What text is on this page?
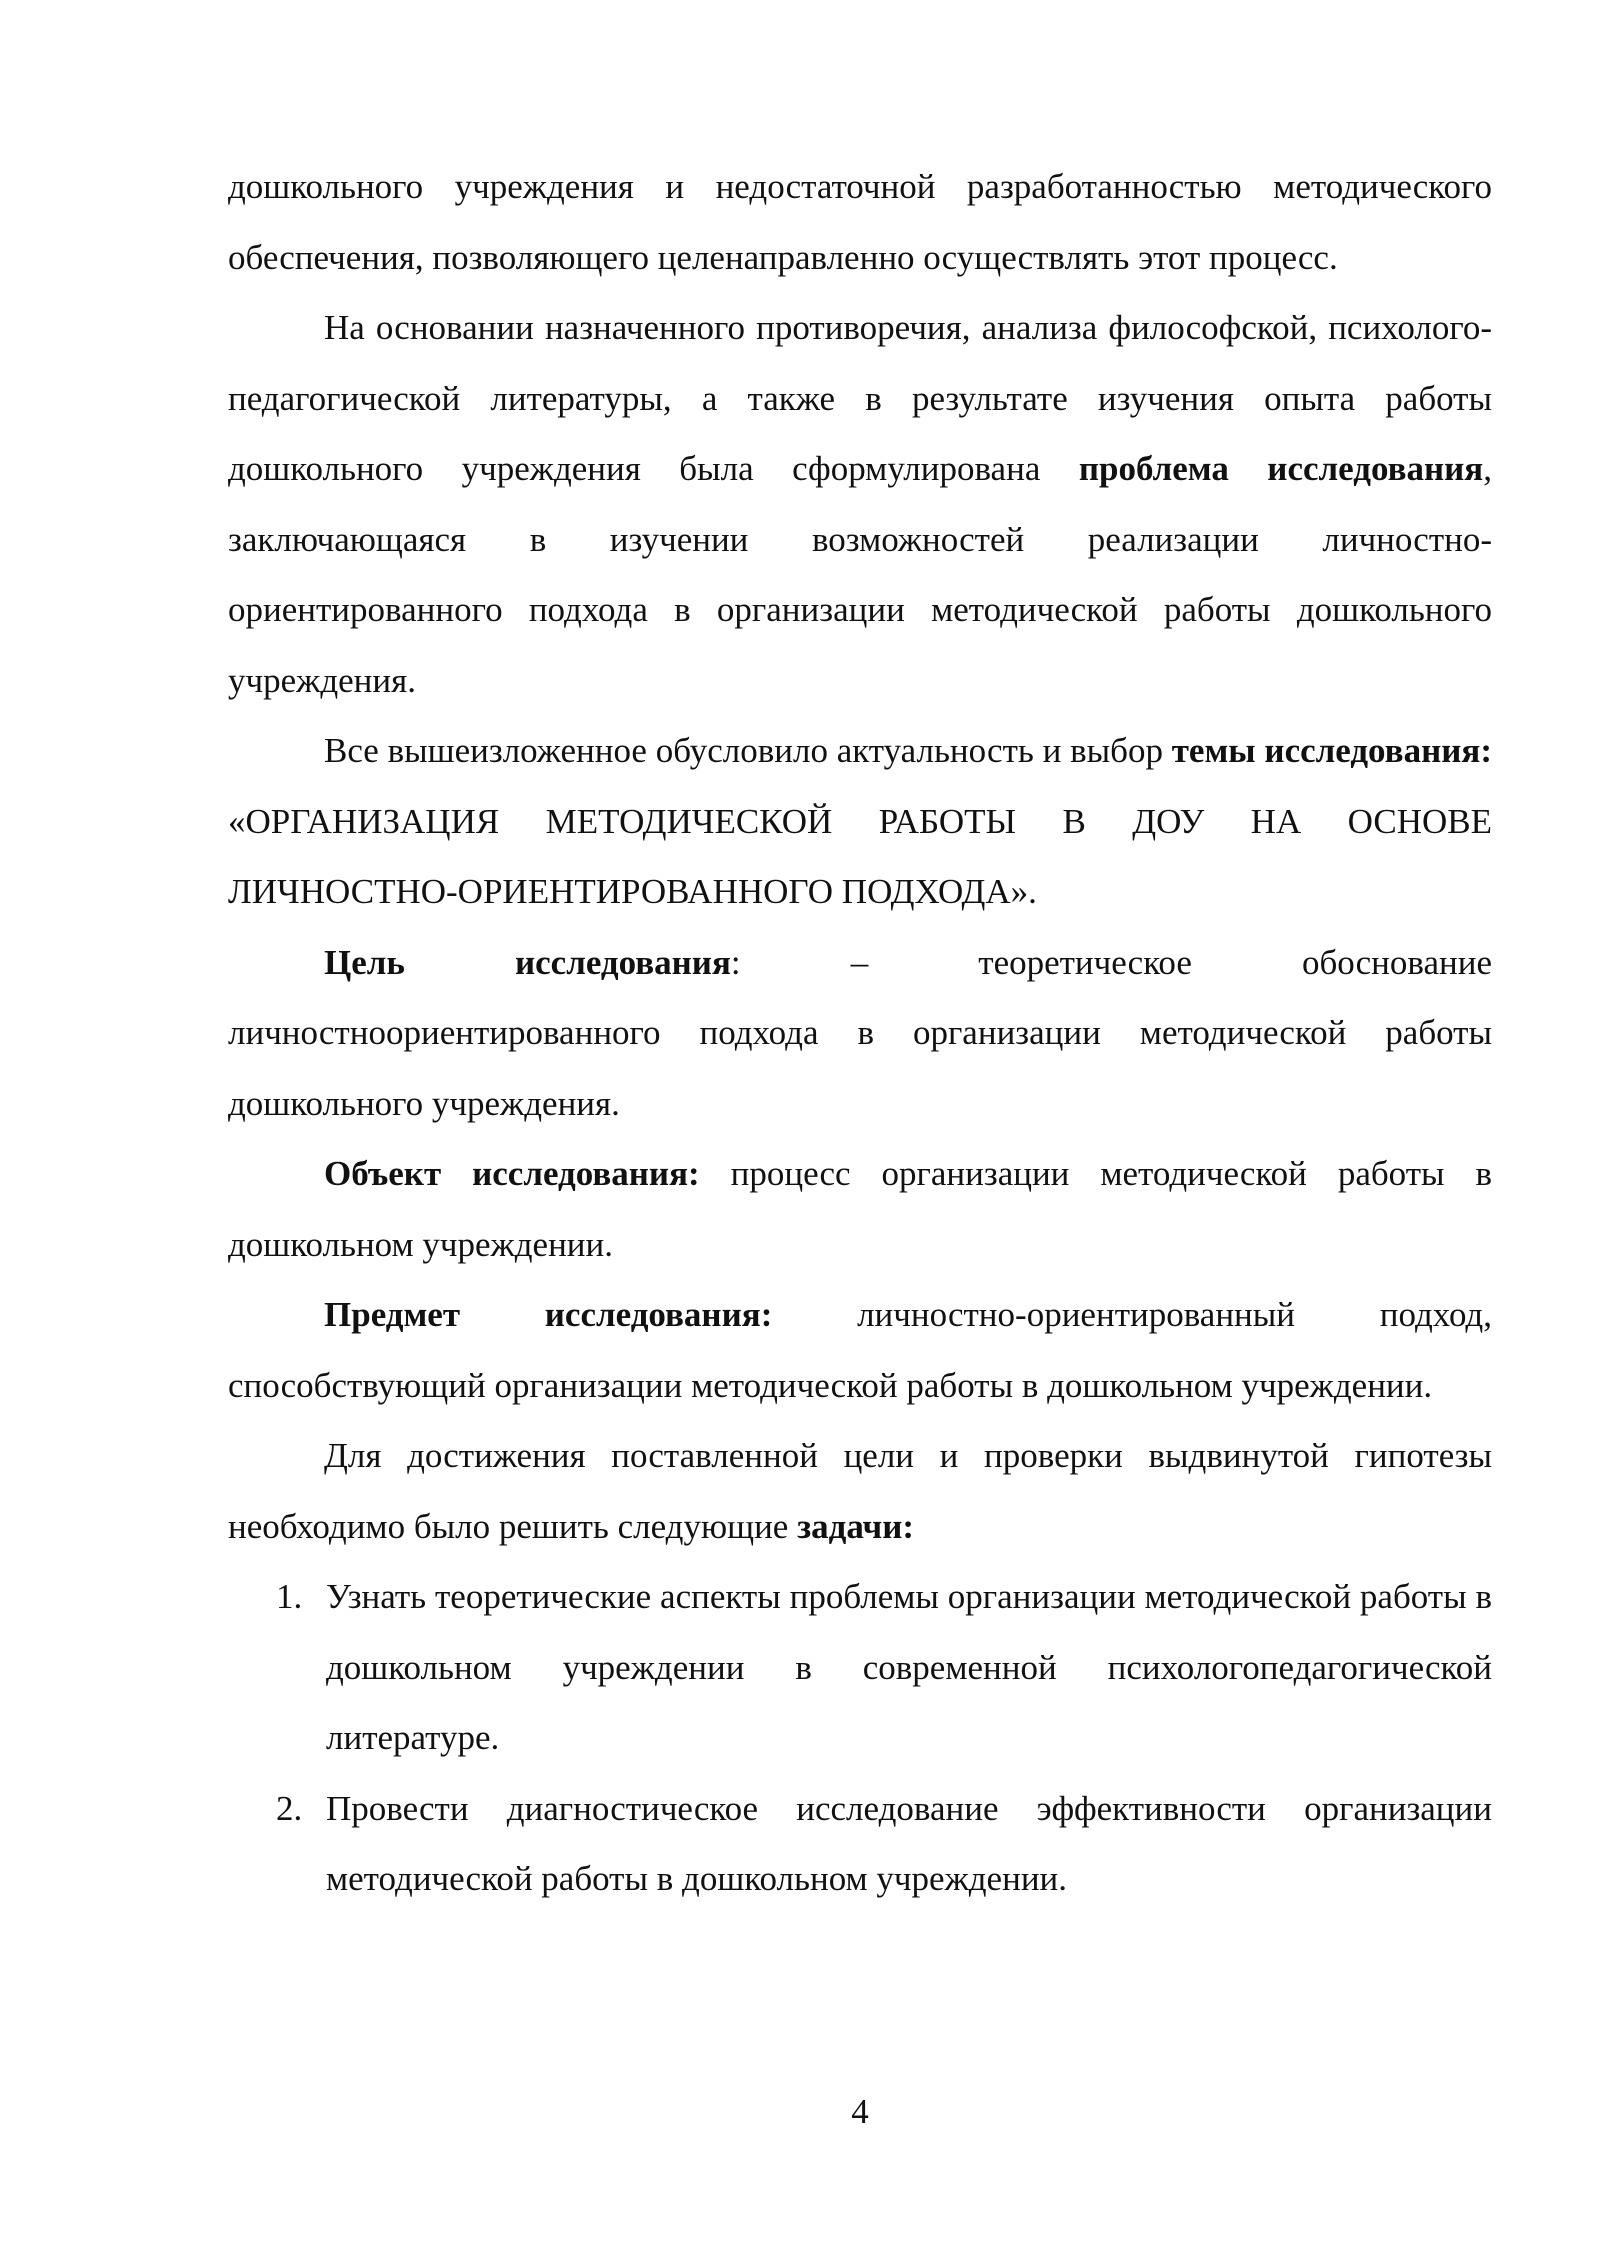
дошкольного учреждения и недостаточной разработанностью методического обеспечения, позволяющего целенаправленно осуществлять этот процесс.

На основании назначенного противоречия, анализа философской, психолого-педагогической литературы, а также в результате изучения опыта работы дошкольного учреждения была сформулирована проблема исследования, заключающаяся в изучении возможностей реализации личностно-ориентированного подхода в организации методической работы дошкольного учреждения.

Все вышеизложенное обусловило актуальность и выбор темы исследования: «ОРГАНИЗАЦИЯ МЕТОДИЧЕСКОЙ РАБОТЫ В ДОУ НА ОСНОВЕ ЛИЧНОСТНО-ОРИЕНТИРОВАННОГО ПОДХОДА».

Цель исследования: – теоретическое обоснование личностноориентированного подхода в организации методической работы дошкольного учреждения.

Объект исследования: процесс организации методической работы в дошкольном учреждении.

Предмет исследования: личностно-ориентированный подход, способствующий организации методической работы в дошкольном учреждении.

Для достижения поставленной цели и проверки выдвинутой гипотезы необходимо было решить следующие задачи:

1. Узнать теоретические аспекты проблемы организации методической работы в дошкольном учреждении в современной психологопедагогической литературе.
2. Провести диагностическое исследование эффективности организации методической работы в дошкольном учреждении.
4
